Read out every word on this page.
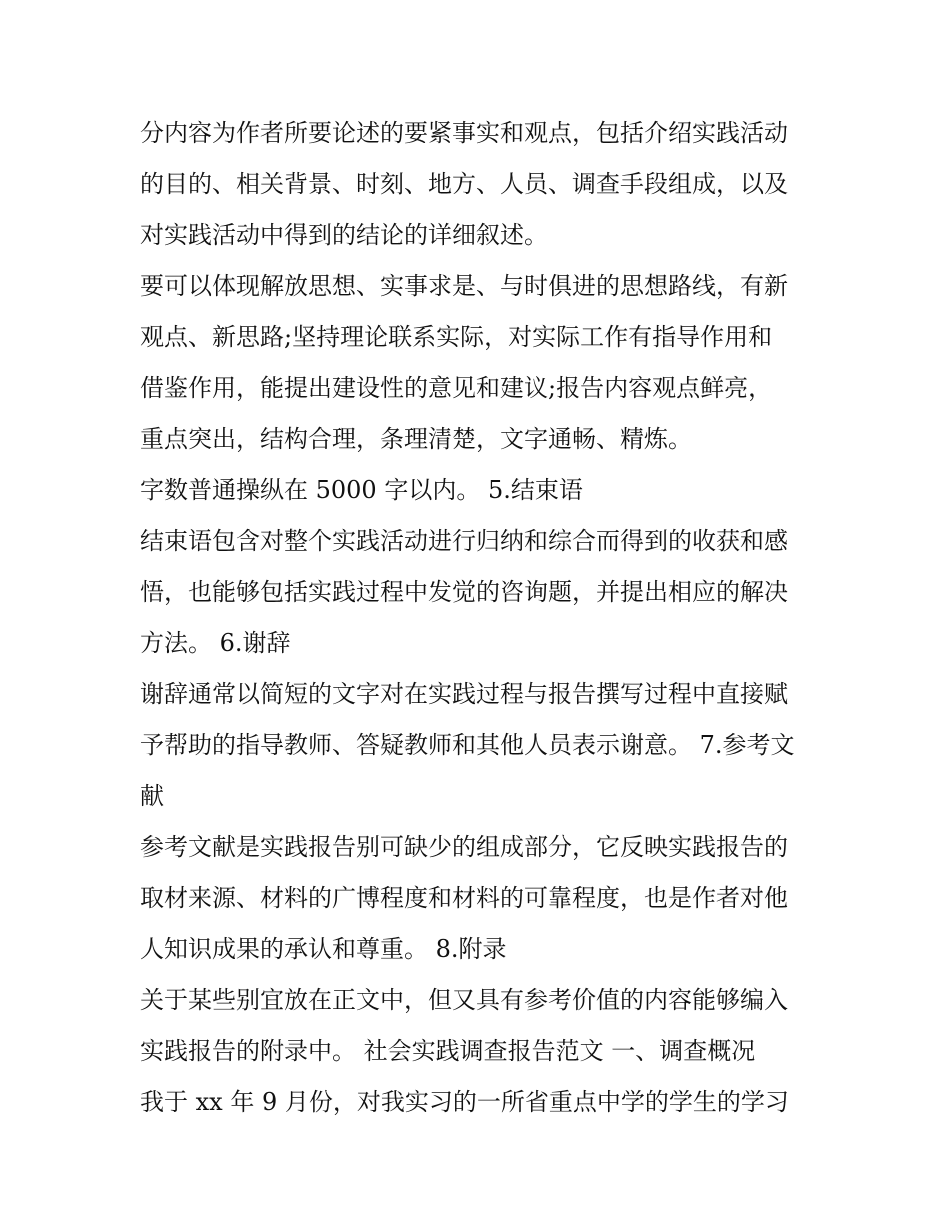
分内容为作者所要论述的要紧事实和观点，包括介绍实践活动
的目的、相关背景、时刻、地方、人员、调查手段组成，以及
对实践活动中得到的结论的详细叙述。
要可以体现解放思想、实事求是、与时俱进的思想路线，有新
观点、新思路;坚持理论联系实际，对实际工作有指导作用和
借鉴作用，能提出建设性的意见和建议;报告内容观点鲜亮，
重点突出，结构合理，条理清楚，文字通畅、精炼。
字数普通操纵在 5000 字以内。 5.结束语
结束语包含对整个实践活动进行归纳和综合而得到的收获和感
悟，也能够包括实践过程中发觉的咨询题，并提出相应的解决
方法。 6.谢辞
谢辞通常以简短的文字对在实践过程与报告撰写过程中直接赋
予帮助的指导教师、答疑教师和其他人员表示谢意。 7.参考文
献
参考文献是实践报告别可缺少的组成部分，它反映实践报告的
取材来源、材料的广博程度和材料的可靠程度，也是作者对他
人知识成果的承认和尊重。 8.附录
关于某些别宜放在正文中，但又具有参考价值的内容能够编入
实践报告的附录中。 社会实践调查报告范文 一、调查概况
我于 xx 年 9 月份，对我实习的一所省重点中学的学生的学习
